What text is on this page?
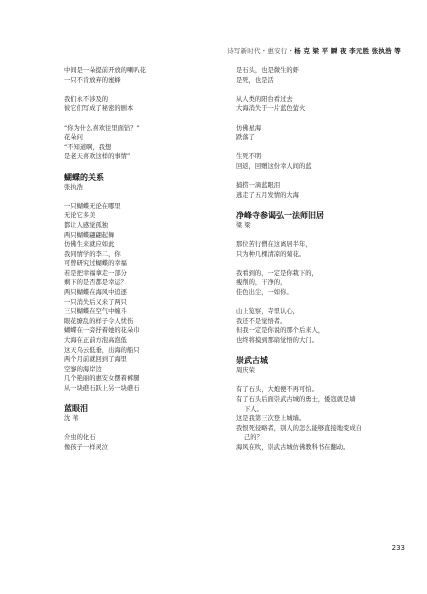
诗写新时代・惠安行・杨 克 梁 平 瞬 夜 李元胜 张执浩 等
中间是一朵提前开放的喇叭花
一只不肯放弃的蜜蜂
我们永不涉及的
彼它们写成了秘密的剧本
“你为什么喜欢往里面钻？”
花朵问
“不知道啊，我想
是老天喜欢这样的事情”
蝴蝶的关系
张执浩
一只蝴蝶无论在哪里
无论它多美
都让人感觉孤独
两只蝴蝶翩翩起舞
仿佛生来就应如此
我同情学的李二，你
可曾研究过蝴蝶的幸福
若是把幸福拿走一部分
剩下的是否都是幸运？
两只蝴蝶在海风中追逐
一只消失后又来了两只
三只蝴蝶在空气中缠斗
眼花缭乱的样子令人忧伤
蝴蝶在一旁抒着她的花朵巾
大海在正前方泡高泡低
这天乌云低垂，出海的船只
两个月前就回到了海里
空寥的海岸边
几个艳丽的惠安女摆着裤腿
从一块礁石跃上另一块礁石
蓝眼泪
沈 苇
介虫的化石
像孩子一样灵泣
是石头，也是微生的虾
是死，也是活
从人类的阳台看过去
大海消失于一片蓝色萤火
仿佛星海
跌落了
生死不明
回返，回赠这份幸人间的蓝
捕捞一滴蓝眼泪
逃走了五月发情的大海
净峰寺参谒弘一法师旧居
梁 梁
那位苦行僧在这离居半年，
只为种几棵清凉的菊花。
我看到的，一定是你栽下的，
瘦削的，干净的，
佳色出尘，一如你。
山上览察，寺里认心，
我还不是觉悟者。
但我一定是你说的那个后来人，
也终将摸到那扇觉悟的大门。
崇武古城
周庆荣
有了石头，大炮便不再可怕。
有了石头后面崇武古城的勇士，倭寇就是墙
下人。
这是我第三次登上城墙。
我恨死侵略者，别人的怎么能够直接地变成自
己的？
海风在吹，崇武古城仿佛教科书在翻动。
233
